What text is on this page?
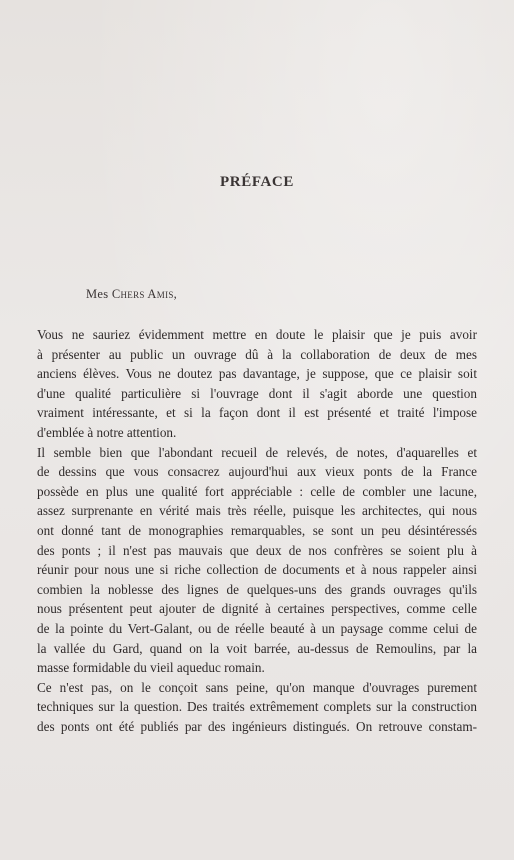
PRÉFACE
Mes Chers Amis,
Vous ne sauriez évidemment mettre en doute le plaisir que je puis avoir
à présenter au public un ouvrage dû à la collaboration de deux de mes
anciens élèves. Vous ne doutez pas davantage, je suppose, que ce plaisir soit
d'une qualité particulière si l'ouvrage dont il s'agit aborde une question
vraiment intéressante, et si la façon dont il est présenté et traité l'impose
d'emblée à notre attention.
Il semble bien que l'abondant recueil de relevés, de notes, d'aquarelles et
de dessins que vous consacrez aujourd'hui aux vieux ponts de la France
possède en plus une qualité fort appréciable : celle de combler une lacune,
assez surprenante en vérité mais très réelle, puisque les architectes, qui nous
ont donné tant de monographies remarquables, se sont un peu désintéressés
des ponts ; il n'est pas mauvais que deux de nos confrères se soient plu à
réunir pour nous une si riche collection de documents et à nous rappeler ainsi
combien la noblesse des lignes de quelques-uns des grands ouvrages qu'ils
nous présentent peut ajouter de dignité à certaines perspectives, comme celle
de la pointe du Vert-Galant, ou de réelle beauté à un paysage comme celui de
la vallée du Gard, quand on la voit barrée, au-dessus de Remoulins, par la
masse formidable du vieil aqueduc romain.
Ce n'est pas, on le conçoit sans peine, qu'on manque d'ouvrages purement
techniques sur la question. Des traités extrêmement complets sur la construction
des ponts ont été publiés par des ingénieurs distingués. On retrouve constam-
